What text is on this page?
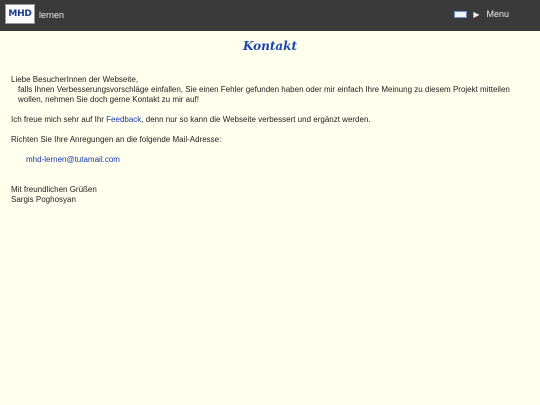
MHD lernen	▶ Menu
Kontakt

Liebe BesucherInnen der Webseite,

falls Ihnen Verbesserungsvorschläge einfallen, Sie einen Fehler gefunden haben oder mir einfach Ihre Meinung zu diesem Projekt mitteilen wollen, nehmen Sie doch gerne Kontakt zu mir auf!

Ich freue mich sehr auf Ihr Feedback, denn nur so kann die Webseite verbessert und ergänzt werden.

Richten Sie Ihre Anregungen an die folgende Mail-Adresse:

mhd-lernen@tutamail.com

Mit freundlichen Grüßen

Sargis Poghosyan
